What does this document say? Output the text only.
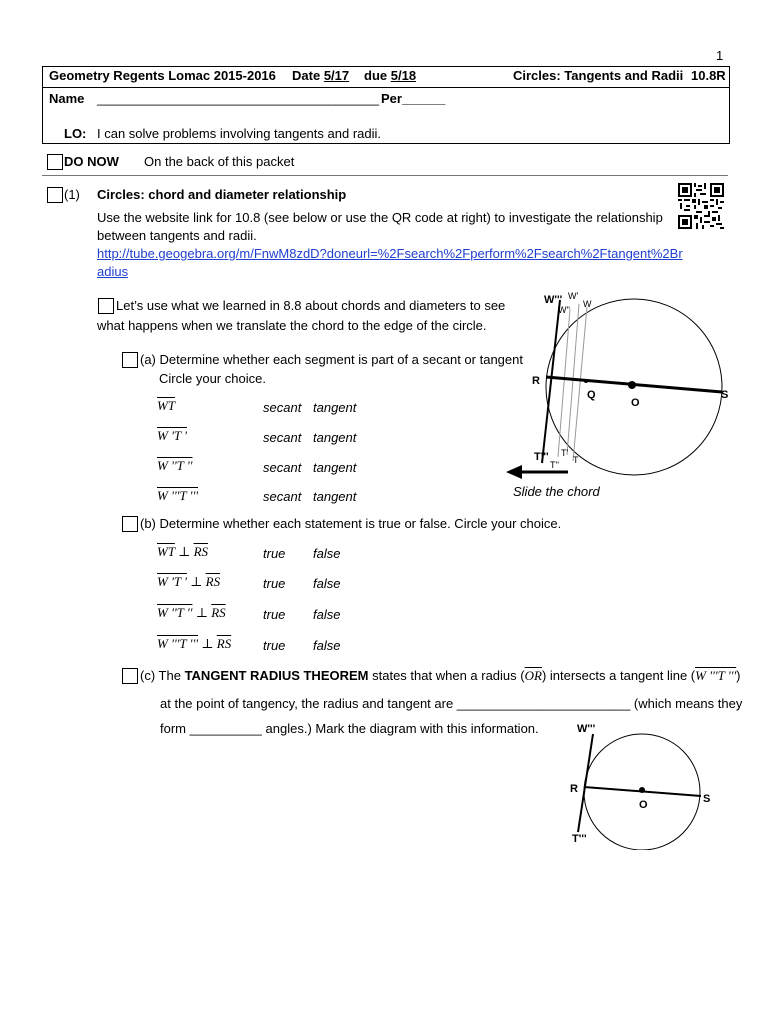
1
Geometry Regents Lomac 2015-2016 Date 5/17 due 5/18	Circles: Tangents and Radii 10.8R
Name _______________________________________ Per______
LO: I can solve problems involving tangents and radii.
DO NOW On the back of this packet
(1) Circles: chord and diameter relationship
Use the website link for 10.8 (see below or use the QR code at right) to investigate the relationship
between tangents and radii.
http://tube.geogebra.org/m/FnwM8zdD?doneurl=%2Fsearch%2Fperform%2Fsearch%2Ftangent%2Br
adius
Let’s use what we learned in 8.8 about chords and diameters to see
what happens when we translate the chord to the edge of the circle.
W''' W'
W
W''
R
Q
O
S
T''' T'
T
T''
Slide the chord
(a) Determine whether each segment is part of a secant or tangent
Circle your choice.
$\overline{WT}$	secant tangent
W 'T '	secant tangent
W ''T ''	secant tangent
W '''T '''	secant tangent
(b) Determine whether each statement is true or false. Circle your choice.
$\overline{WT}$ ⊥ $\overline{RS}$	true false
W 'T ' ⊥ $\overline{RS}$	true false
W ''T '' ⊥ $\overline{RS}$	true false
W '''T ''' ⊥ $\overline{RS}$ true false
(c) The TANGENT RADIUS THEOREM states that when a radius $(\overline{OR})$ intersects a tangent line (W '''T ''')
at the point of tangency, the radius and tangent are ________________________ (which means they
form __________ angles.) Mark the diagram with this information.	W'''
R
O	S
T'''
